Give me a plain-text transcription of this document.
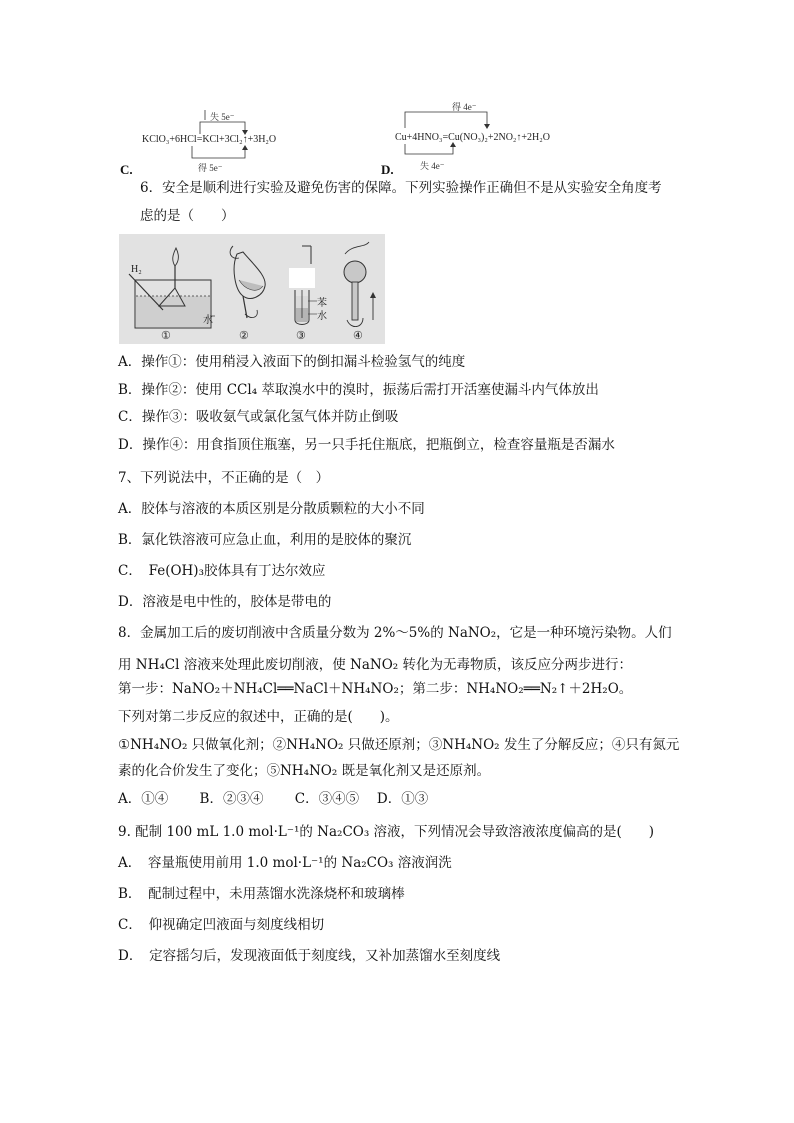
失 5e⁻
KClO₃+6HCl=KCl+3Cl₂↑+3H₂O
得 5e⁻
C.
得 4e⁻
Cu+4HNO₃=Cu(NO₃)₂+2NO₂↑+2H₂O
失 4e⁻
D.
6．安全是顺利进行实验及避免伤害的保障。下列实验操作正确但不是从实验安全角度考
虑的是（　　）
H₂
水
苯
水
①	②	③	④
A．操作①：使用稍浸入液面下的倒扣漏斗检验氢气的纯度
B．操作②：使用 CCl₄ 萃取溴水中的溴时，振荡后需打开活塞使漏斗内气体放出
C．操作③：吸收氨气或氯化氢气体并防止倒吸
D．操作④：用食指顶住瓶塞，另一只手托住瓶底，把瓶倒立，检查容量瓶是否漏水
7、下列说法中，不正确的是（　）
A．胶体与溶液的本质区别是分散质颗粒的大小不同
B．氯化铁溶液可应急止血，利用的是胶体的聚沉
C．　Fe(OH)₃胶体具有丁达尔效应
D．溶液是电中性的，胶体是带电的
8．金属加工后的废切削液中含质量分数为 2%～5%的 NaNO₂，它是一种环境污染物。人们
用 NH₄Cl 溶液来处理此废切削液，使 NaNO₂ 转化为无毒物质，该反应分两步进行：
第一步：NaNO₂＋NH₄Cl══NaCl＋NH₄NO₂；第二步：NH₄NO₂══N₂↑＋2H₂O。
下列对第二步反应的叙述中，正确的是(　　)。
①NH₄NO₂ 只做氧化剂；②NH₄NO₂ 只做还原剂；③NH₄NO₂ 发生了分解反应；④只有氮元
素的化合价发生了变化；⑤NH₄NO₂ 既是氧化剂又是还原剂。
A．①④　　 B．②③④　　 C．③④⑤　 D．①③
9. 配制 100 mL 1.0 mol·L⁻¹的 Na₂CO₃ 溶液，下列情况会导致溶液浓度偏高的是(　　)
A．　容量瓶使用前用 1.0 mol·L⁻¹的 Na₂CO₃ 溶液润洗
B．　配制过程中，未用蒸馏水洗涤烧杯和玻璃棒
C．　仰视确定凹液面与刻度线相切
D．　定容摇匀后，发现液面低于刻度线，又补加蒸馏水至刻度线
